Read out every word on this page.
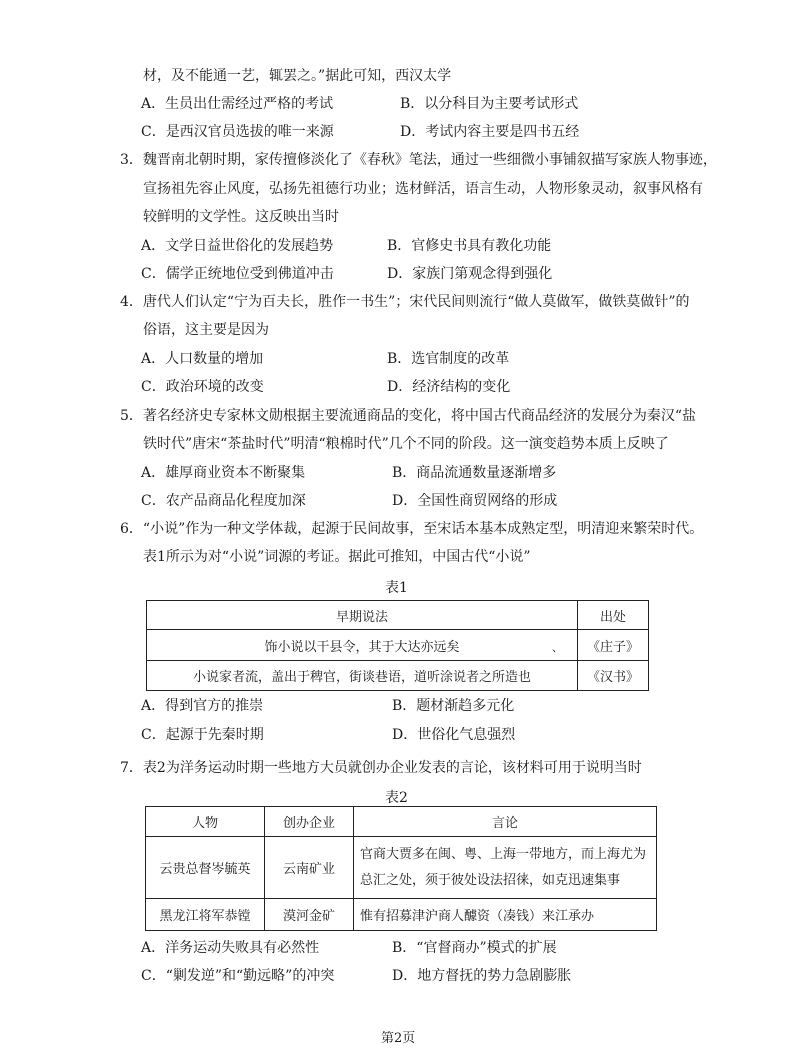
材，及不能通一艺，辄罢之。”据此可知，西汉太学
A．生员出仕需经过严格的考试	B．以分科目为主要考试形式
C．是西汉官员选拔的唯一来源	D．考试内容主要是四书五经
3．魏晋南北朝时期，家传擅修淡化了《春秋》笔法，通过一些细微小事铺叙描写家族人物事迹，
宣扬祖先容止风度，弘扬先祖德行功业；选材鲜活，语言生动，人物形象灵动，叙事风格有
较鲜明的文学性。这反映出当时
A．文学日益世俗化的发展趋势	B．官修史书具有教化功能
C．儒学正统地位受到佛道冲击	D．家族门第观念得到强化
4．唐代人们认定“宁为百夫长，胜作一书生”；宋代民间则流行“做人莫做军，做铁莫做针”的
俗语，这主要是因为
A．人口数量的增加	B．选官制度的改革
C．政治环境的改变	D．经济结构的变化
5．著名经济史专家林文勋根据主要流通商品的变化，将中国古代商品经济的发展分为秦汉“盐
铁时代”唐宋“茶盐时代”明清“粮棉时代”几个不同的阶段。这一演变趋势本质上反映了
A．雄厚商业资本不断聚集	B．商品流通数量逐渐增多
C．农产品商品化程度加深	D．全国性商贸网络的形成
6．“小说”作为一种文学体裁，起源于民间故事，至宋话本基本成熟定型，明清迎来繁荣时代。
表1所示为对“小说”词源的考证。据此可推知，中国古代“小说”
表1
早期说法	出处
饰小说以干县令，其于大达亦远矣 、	《庄子》
小说家者流，盖出于稗官，街谈巷语，道听涂说者之所造也	《汉书》
A．得到官方的推崇	B．题材渐趋多元化
C．起源于先秦时期	D．世俗化气息强烈
7．表2为洋务运动时期一些地方大员就创办企业发表的言论，该材料可用于说明当时
表2
人物	创办企业	言论
云贵总督岑毓英	云南矿业	官商大贾多在闽、粤、上海一带地方，而上海尤为
总汇之处，须于彼处设法招徕，如克迅速集事

黑龙江将军恭镗	漠河金矿	惟有招募津沪商人醵资（凑钱）来江承办
A．洋务运动失败具有必然性	B．“官督商办”模式的扩展
C．“剿发逆”和“勤远略”的冲突	D．地方督抚的势力急剧膨胀
第2页
